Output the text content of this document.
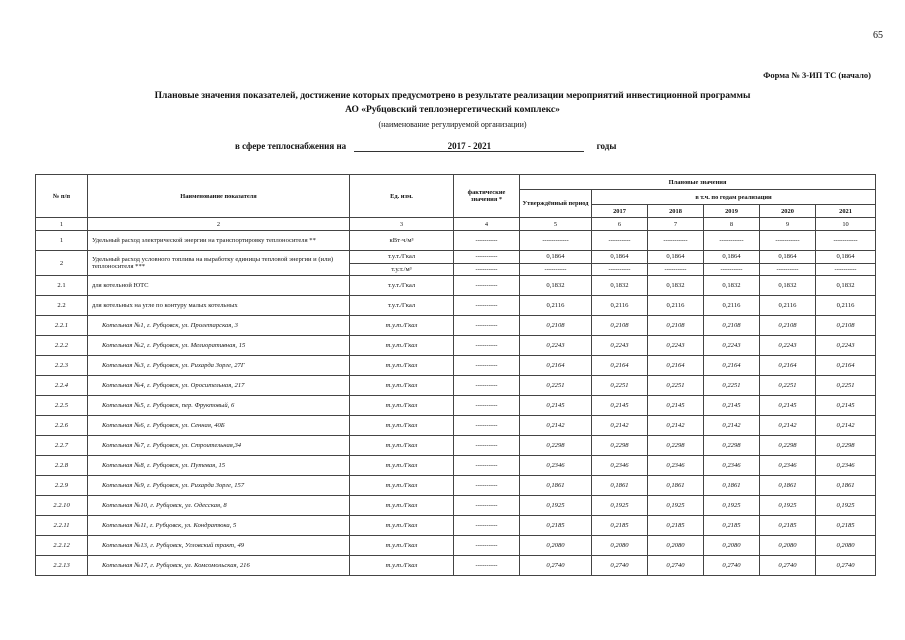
65
Форма № 3-ИП ТС (начало)
Плановые значения показателей, достижение которых предусмотрено в результате реализации мероприятий инвестиционной программы
АО «Рубцовский теплоэнергетический комплекс»
(наименование регулируемой организации)
в сфере теплоснабжения на	2017 - 2021	годы
№ п/п	Наименование показателя	Ед. изм.	фактические значения *	Плановые значения					
				Утверждённый период	в т.ч. по годам реализации				
					2017	2018	2019	2020	2021
1	2	3	4	5	6	7	8	9	10
1	Удельный расход электрической энергии на транспортировку теплоносителя **	кВт·ч/м³	----------	------------	----------	-----------	-----------	-----------	-----------
2	Удельный расход условного топлива на выработку единицы тепловой энергии и (или) теплоносителя ***	т.у.т./Гкал	----------	0,1864	0,1864	0,1864	0,1864	0,1864	0,1864
		т.у.т./м³	----------	----------	----------	----------	----------	----------	----------
2.1	для котельной ЮТС	т.у.т./Гкал	----------	0,1832	0,1832	0,1832	0,1832	0,1832	0,1832
2.2	для котельных на угле по контуру малых котельных	т.у.т./Гкал	----------	0,2116	0,2116	0,2116	0,2116	0,2116	0,2116
2.2.1	Котельная №1, г. Рубцовск, ул. Пролетарская, 3	т.у.т./Гкал	----------	0,2108	0,2108	0,2108	0,2108	0,2108	0,2108
2.2.2	Котельная №2, г. Рубцовск, ул. Мелиоративная, 15	т.у.т./Гкал	----------	0,2243	0,2243	0,2243	0,2243	0,2243	0,2243
2.2.3	Котельная №3, г. Рубцовск, ул. Рихарда Зорге, 27Г	т.у.т./Гкал	----------	0,2164	0,2164	0,2164	0,2164	0,2164	0,2164
2.2.4	Котельная №4, г. Рубцовск, ул. Оросительная, 217	т.у.т./Гкал	----------	0,2251	0,2251	0,2251	0,2251	0,2251	0,2251
2.2.5	Котельная №5, г. Рубцовск, пер. Фруктовый, 6	т.у.т./Гкал	----------	0,2145	0,2145	0,2145	0,2145	0,2145	0,2145
2.2.6	Котельная №6, г. Рубцовск, ул. Сенная, 40Б	т.у.т./Гкал	----------	0,2142	0,2142	0,2142	0,2142	0,2142	0,2142
2.2.7	Котельная №7, г. Рубцовск, ул. Строительная,34	т.у.т./Гкал	----------	0,2298	0,2298	0,2298	0,2298	0,2298	0,2298
2.2.8	Котельная №8, г. Рубцовск, ул. Путевая, 15	т.у.т./Гкал	----------	0,2346	0,2346	0,2346	0,2346	0,2346	0,2346
2.2.9	Котельная №9, г. Рубцовск, ул. Рихарда Зорге, 157	т.у.т./Гкал	----------	0,1861	0,1861	0,1861	0,1861	0,1861	0,1861
2.2.10	Котельная №10, г. Рубцовск, ул. Одесская, 8	т.у.т./Гкал	----------	0,1925	0,1925	0,1925	0,1925	0,1925	0,1925
2.2.11	Котельная №11, г. Рубцовск, ул. Кондратюка, 5	т.у.т./Гкал	----------	0,2185	0,2185	0,2185	0,2185	0,2185	0,2185
2.2.12	Котельная №13, г. Рубцовск, Угловский тракт, 49	т.у.т./Гкал	----------	0,2080	0,2080	0,2080	0,2080	0,2080	0,2080
2.2.13	Котельная №17, г. Рубцовск, ул. Комсомольская, 216	т.у.т./Гкал	----------	0,2740	0,2740	0,2740	0,2740	0,2740	0,2740
